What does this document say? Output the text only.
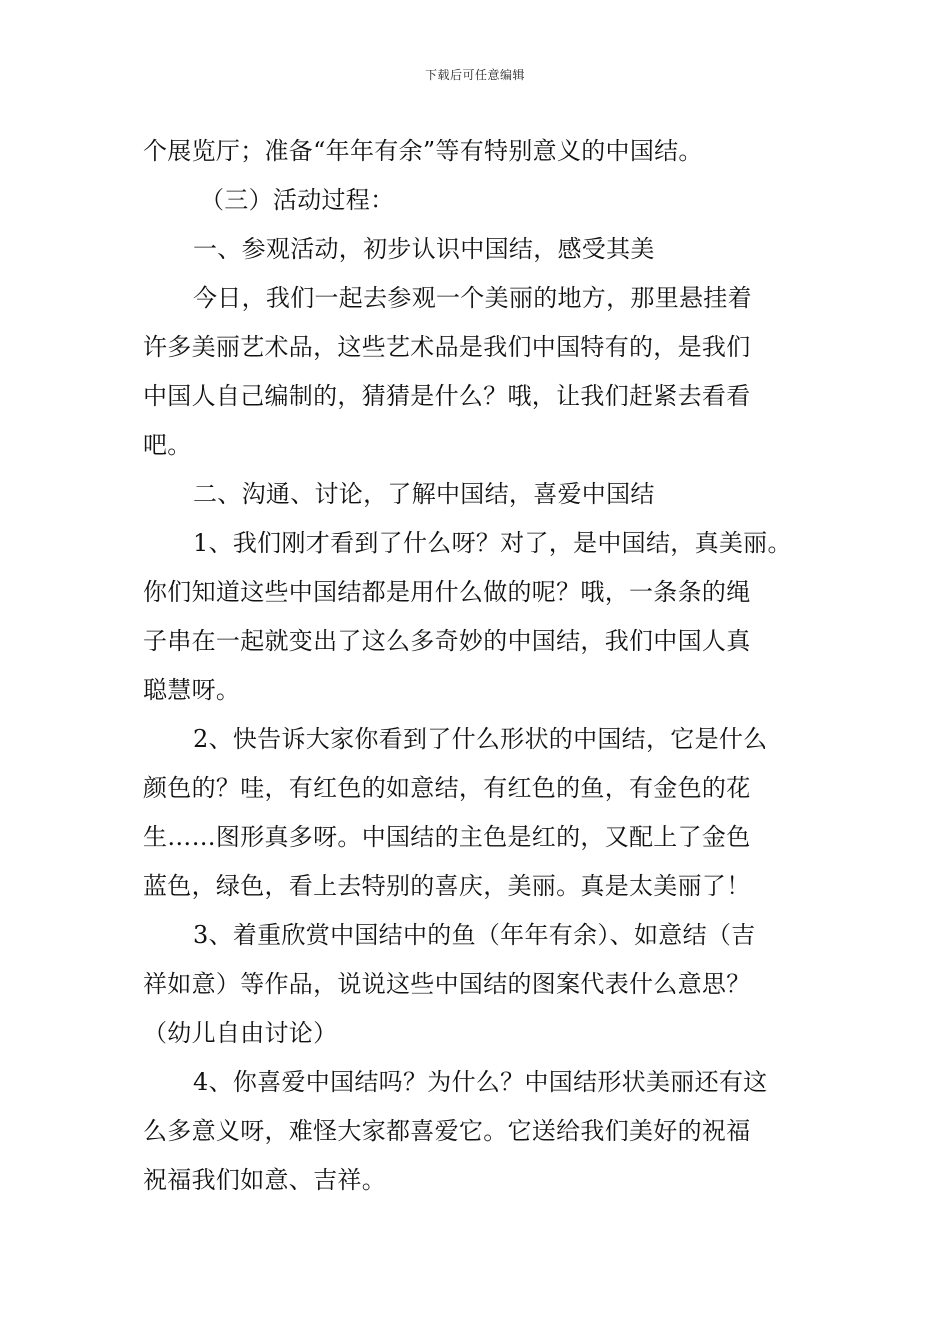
下载后可任意编辑
个展览厅；准备“年年有余”等有特别意义的中国结。
（三）活动过程：
一、参观活动，初步认识中国结，感受其美
今日，我们一起去参观一个美丽的地方，那里悬挂着
许多美丽艺术品，这些艺术品是我们中国特有的，是我们
中国人自己编制的，猜猜是什么？哦，让我们赶紧去看看
吧。
二、沟通、讨论，了解中国结，喜爱中国结
1、我们刚才看到了什么呀？对了，是中国结，真美丽。
你们知道这些中国结都是用什么做的呢？哦，一条条的绳
子串在一起就变出了这么多奇妙的中国结，我们中国人真
聪慧呀。
2、快告诉大家你看到了什么形状的中国结，它是什么
颜色的？哇，有红色的如意结，有红色的鱼，有金色的花
生……图形真多呀。中国结的主色是红的，又配上了金色
蓝色，绿色，看上去特别的喜庆，美丽。真是太美丽了！
3、着重欣赏中国结中的鱼（年年有余）、如意结（吉
祥如意）等作品，说说这些中国结的图案代表什么意思？
（幼儿自由讨论）
4、你喜爱中国结吗？为什么？中国结形状美丽还有这
么多意义呀，难怪大家都喜爱它。它送给我们美好的祝福
祝福我们如意、吉祥。
